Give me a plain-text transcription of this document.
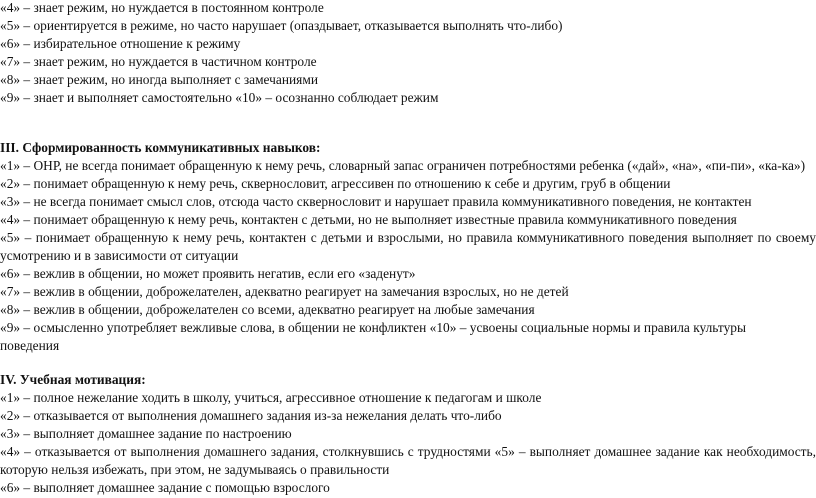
«4» – знает режим, но нуждается в постоянном контроле
«5» – ориентируется в режиме, но часто нарушает (опаздывает, отказывается выполнять что-либо)
«6» – избирательное отношение к режиму
«7» – знает режим, но нуждается в частичном контроле
«8» – знает режим, но иногда выполняет с замечаниями
«9» – знает и выполняет самостоятельно «10» – осознанно соблюдает режим
III. Сформированность коммуникативных навыков:
«1» – ОНР, не всегда понимает обращенную к нему речь, словарный запас ограничен потребностями ребенка («дай», «на», «пи-пи», «ка-ка»)
«2» – понимает обращенную к нему речь, сквернословит, агрессивен по отношению к себе и другим, груб в общении
«3» – не всегда понимает смысл слов, отсюда часто сквернословит и нарушает правила коммуникативного поведения, не контактен
«4» – понимает обращенную к нему речь, контактен с детьми, но не выполняет известные правила коммуникативного поведения
«5» – понимает обращенную к нему речь, контактен с детьми и взрослыми, но правила коммуникативного поведения выполняет по своему
усмотрению и в зависимости от ситуации
«6» – вежлив в общении, но может проявить негатив, если его «заденут»
«7» – вежлив в общении, доброжелателен, адекватно реагирует на замечания взрослых, но не детей
«8» – вежлив в общении, доброжелателен со всеми, адекватно реагирует на любые замечания
«9» – осмысленно употребляет вежливые слова, в общении не конфликтен «10» – усвоены социальные нормы и правила культуры
поведения
IV. Учебная мотивация:
«1» – полное нежелание ходить в школу, учиться, агрессивное отношение к педагогам и школе
«2» – отказывается от выполнения домашнего задания из-за нежелания делать что-либо
«3» – выполняет домашнее задание по настроению
«4» – отказывается от выполнения домашнего задания, столкнувшись с трудностями «5» – выполняет домашнее задание как необходимость,
которую нельзя избежать, при этом, не задумываясь о правильности
«6» – выполняет домашнее задание с помощью взрослого
